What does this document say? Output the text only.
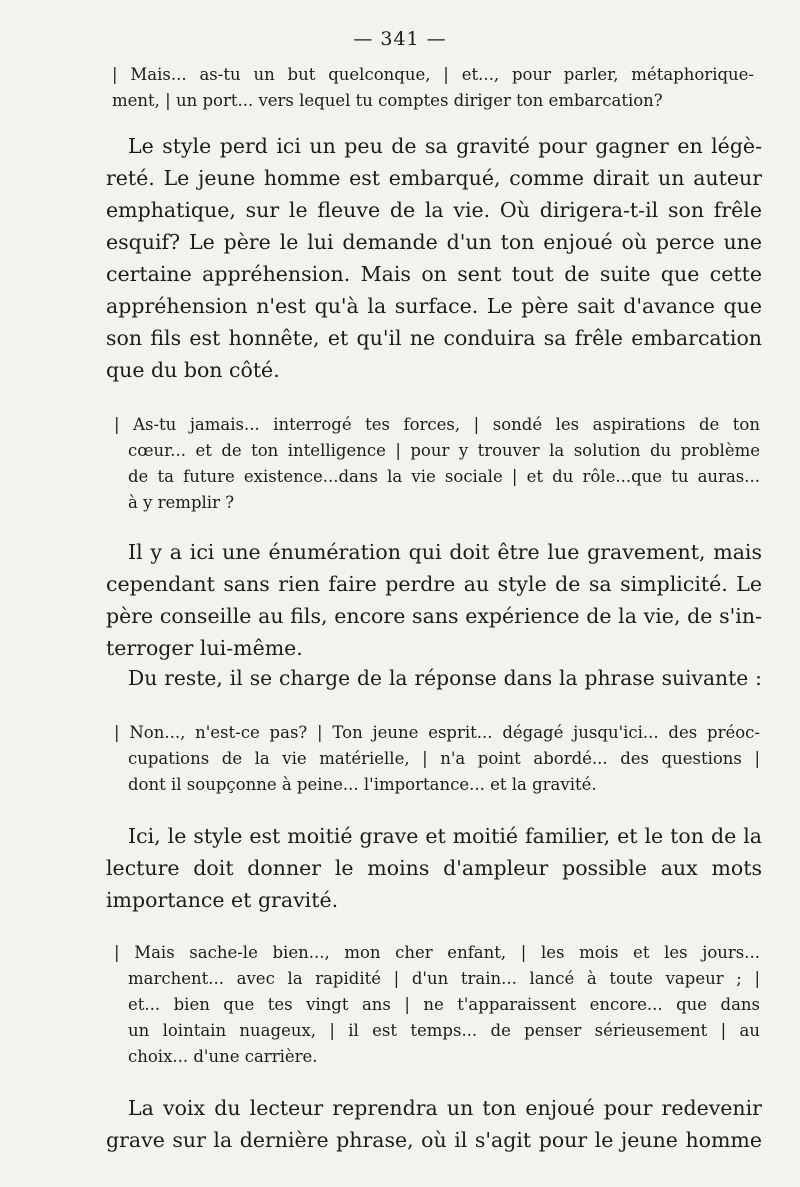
— 341 —
| Mais... as-tu un but quelconque, | et..., pour parler, métaphorique-
ment, | un port... vers lequel tu comptes diriger ton embarcation?
Le style perd ici un peu de sa gravité pour gagner en légè-
reté. Le jeune homme est embarqué, comme dirait un auteur
emphatique, sur le fleuve de la vie. Où dirigera-t-il son frêle
esquif? Le père le lui demande d'un ton enjoué où perce une
certaine appréhension. Mais on sent tout de suite que cette
appréhension n'est qu'à la surface. Le père sait d'avance que
son fils est honnête, et qu'il ne conduira sa frêle embarcation
que du bon côté.
| As-tu jamais... interrogé tes forces, | sondé les aspirations de ton
cœur... et de ton intelligence | pour y trouver la solution du problème
de ta future existence...dans la vie sociale | et du rôle...que tu auras...
à y remplir ?
Il y a ici une énumération qui doit être lue gravement, mais
cependant sans rien faire perdre au style de sa simplicité. Le
père conseille au fils, encore sans expérience de la vie, de s'in-
terroger lui-même.
Du reste, il se charge de la réponse dans la phrase suivante :
| Non..., n'est-ce pas? | Ton jeune esprit... dégagé jusqu'ici... des préoc-
cupations de la vie matérielle, | n'a point abordé... des questions |
dont il soupçonne à peine... l'importance... et la gravité.
Ici, le style est moitié grave et moitié familier, et le ton de la
lecture doit donner le moins d'ampleur possible aux mots
importance et gravité.
| Mais sache-le bien..., mon cher enfant, | les mois et les jours...
marchent... avec la rapidité | d'un train... lancé à toute vapeur ; |
et... bien que tes vingt ans | ne t'apparaissent encore... que dans
un lointain nuageux, | il est temps... de penser sérieusement | au
choix... d'une carrière.
La voix du lecteur reprendra un ton enjoué pour redevenir
grave sur la dernière phrase, où il s'agit pour le jeune homme
